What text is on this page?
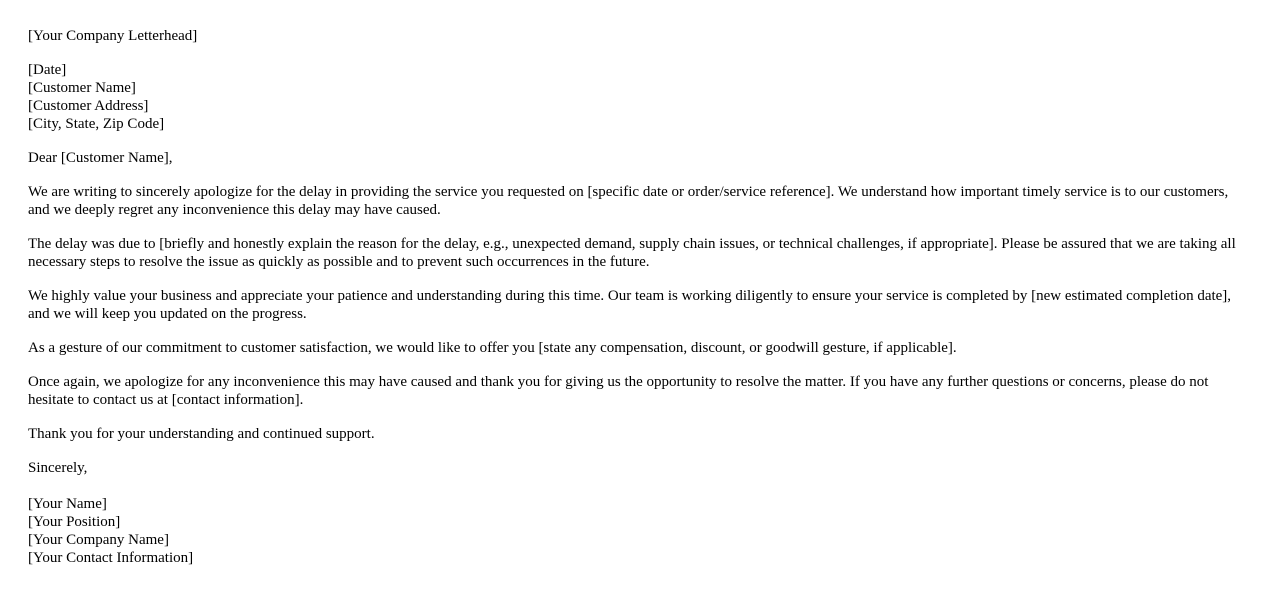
[Your Company Letterhead]
[Date]
[Customer Name]
[Customer Address]
[City, State, Zip Code]

Dear [Customer Name],

We are writing to sincerely apologize for the delay in providing the service you requested on [specific date or order/service reference]. We understand how important timely service is to our customers, and we deeply regret any inconvenience this delay may have caused.

The delay was due to [briefly and honestly explain the reason for the delay, e.g., unexpected demand, supply chain issues, or technical challenges, if appropriate]. Please be assured that we are taking all necessary steps to resolve the issue as quickly as possible and to prevent such occurrences in the future.

We highly value your business and appreciate your patience and understanding during this time. Our team is working diligently to ensure your service is completed by [new estimated completion date], and we will keep you updated on the progress.

As a gesture of our commitment to customer satisfaction, we would like to offer you [state any compensation, discount, or goodwill gesture, if applicable].

Once again, we apologize for any inconvenience this may have caused and thank you for giving us the opportunity to resolve the matter. If you have any further questions or concerns, please do not hesitate to contact us at [contact information].

Thank you for your understanding and continued support.

Sincerely,

[Your Name]
[Your Position]
[Your Company Name]
[Your Contact Information]
